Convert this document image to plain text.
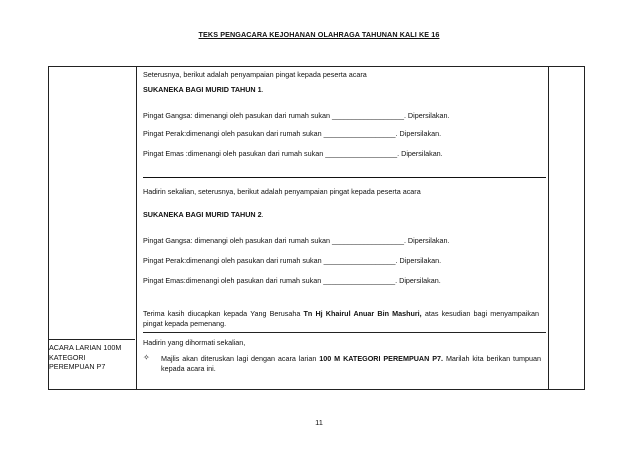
TEKS PENGACARA KEJOHANAN OLAHRAGA TAHUNAN KALI KE 16
ACARA LARIAN 100M
KATEGORI
PEREMPUAN P7
Seterusnya, berikut adalah penyampaian pingat kepada peserta acara
SUKANEKA BAGI MURID TAHUN 1.
Pingat Gangsa: dimenangi oleh pasukan dari rumah sukan __________________. Dipersilakan.
Pingat Perak:dimenangi oleh pasukan dari rumah sukan __________________. Dipersilakan.
Pingat Emas :dimenangi oleh pasukan dari rumah sukan __________________. Dipersilakan.
Hadirin sekalian, seterusnya, berikut adalah penyampaian pingat kepada peserta acara
SUKANEKA BAGI MURID TAHUN 2.
Pingat Gangsa: dimenangi oleh pasukan dari rumah sukan __________________. Dipersilakan.
Pingat Perak:dimenangi oleh pasukan dari rumah sukan __________________. Dipersilakan.
Pingat Emas:dimenangi oleh pasukan dari rumah sukan __________________. Dipersilakan.
Terima kasih diucapkan kepada Yang Berusaha Tn Hj Khairul Anuar Bin Mashuri, atas kesudian bagi menyampaikan pingat kepada pemenang.
Hadirin yang dihormati sekalian,
✧ Majlis akan diteruskan lagi dengan acara larian 100 M KATEGORI PEREMPUAN P7. Marilah kita berikan tumpuan kepada acara ini.
11
